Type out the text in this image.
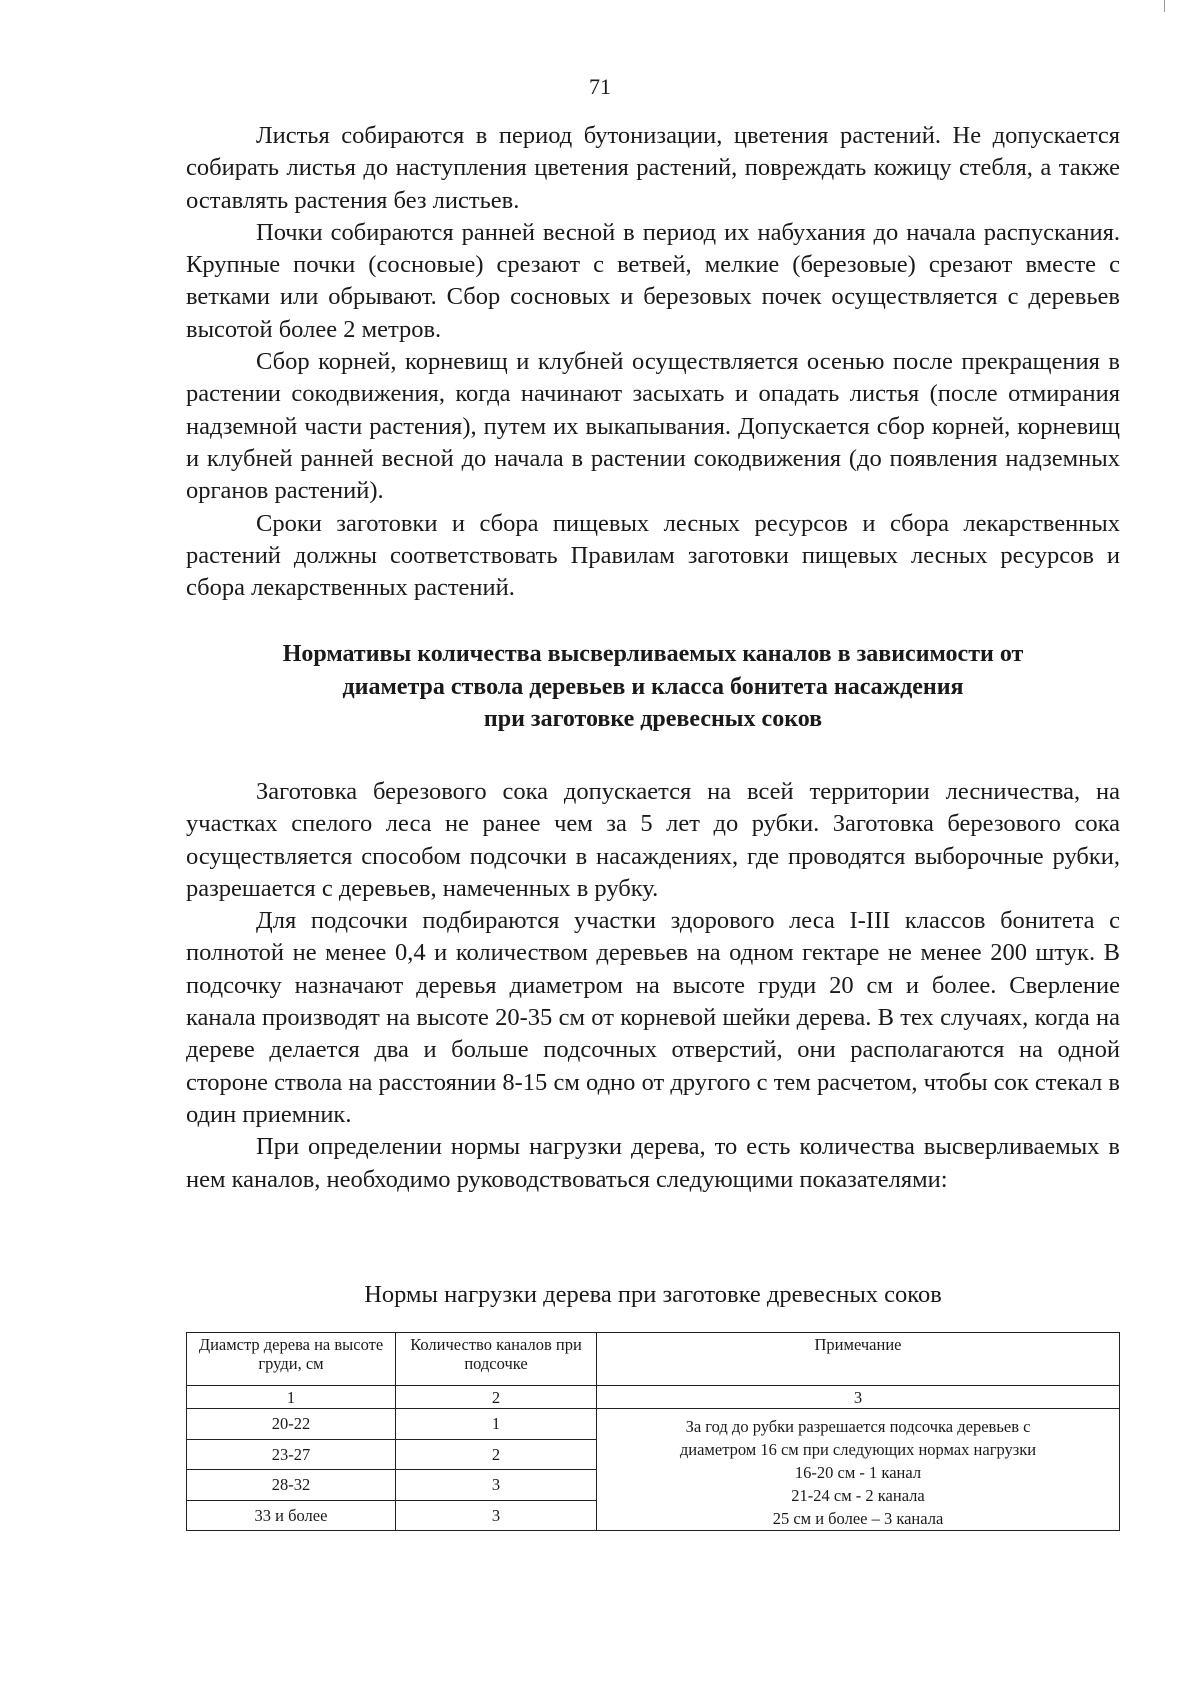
71

Листья собираются в период бутонизации, цветения растений. Не допускается собирать листья до наступления цветения растений, повреждать кожицу стебля, а также оставлять растения без листьев.

Почки собираются ранней весной в период их набухания до начала распускания. Крупные почки (сосновые) срезают с ветвей, мелкие (березовые) срезают вместе с ветками или обрывают. Сбор сосновых и березовых почек осуществляется с деревьев высотой более 2 метров.

Сбор корней, корневищ и клубней осуществляется осенью после прекращения в растении сокодвижения, когда начинают засыхать и опадать листья (после отмирания надземной части растения), путем их выкапывания. Допускается сбор корней, корневищ и клубней ранней весной до начала в растении сокодвижения (до появления надземных органов растений).

Сроки заготовки и сбора пищевых лесных ресурсов и сбора лекарственных растений должны соответствовать Правилам заготовки пищевых лесных ресурсов и сбора лекарственных растений.

Нормативы количества высверливаемых каналов в зависимости от
диаметра ствола деревьев и класса бонитета насаждения
при заготовке древесных соков

Заготовка березового сока допускается на всей территории лесничества, на участках спелого леса не ранее чем за 5 лет до рубки. Заготовка березового сока осуществляется способом подсочки в насаждениях, где проводятся выборочные рубки, разрешается с деревьев, намеченных в рубку.

Для подсочки подбираются участки здорового леса I-III классов бонитета с полнотой не менее 0,4 и количеством деревьев на одном гектаре не менее 200 штук. В подсочку назначают деревья диаметром на высоте груди 20 см и более. Сверление канала производят на высоте 20-35 см от корневой шейки дерева. В тех случаях, когда на дереве делается два и больше подсочных отверстий, они располагаются на одной стороне ствола на расстоянии 8-15 см одно от другого с тем расчетом, чтобы сок стекал в один приемник.

При определении нормы нагрузки дерева, то есть количества высверливаемых в нем каналов, необходимо руководствоваться следующими показателями:

Нормы нагрузки дерева при заготовке древесных соков
Диамстр дерева на высоте груди, см	Количество каналов при подсочке	Примечание
1	2	3
20-22	1	За год до рубки разрешается подсочка деревьев с
диаметром 16 см при следующих нормах нагрузки
16-20 см - 1 канал
21-24 см - 2 канала
25 см и более – 3 канала

23-27	2	
28-32	3	
33 и более	3	
